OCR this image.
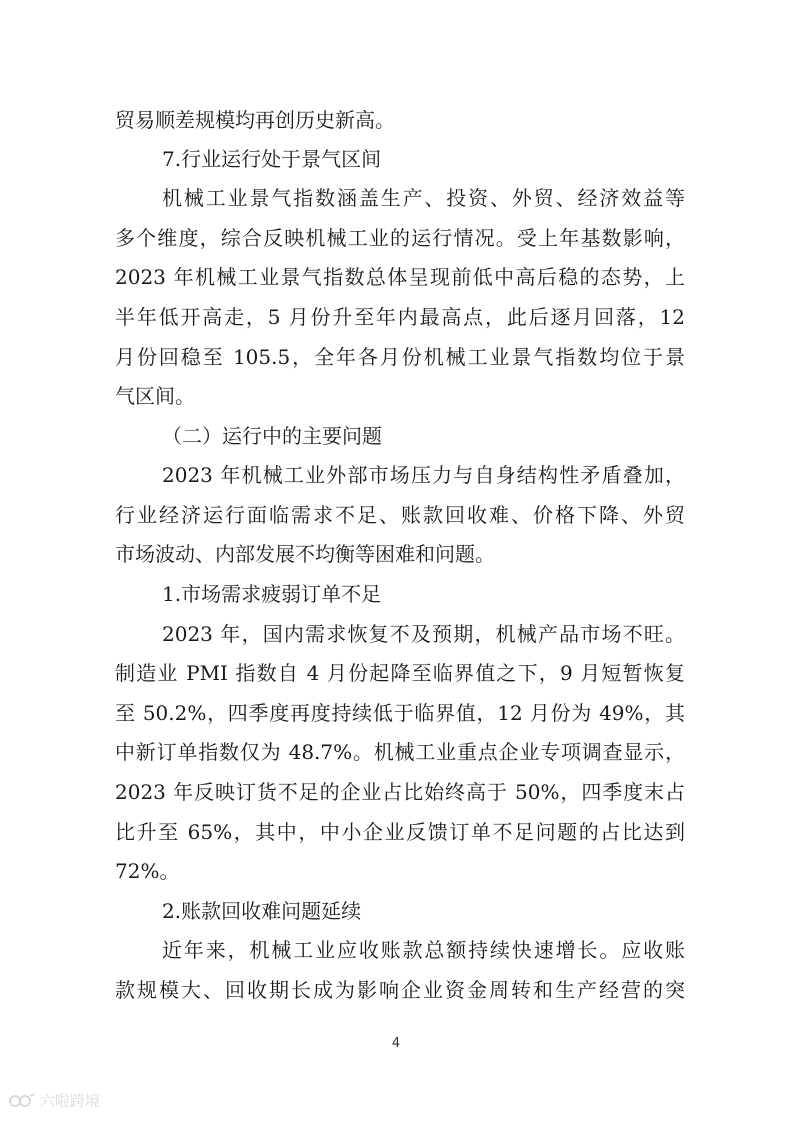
贸易顺差规模均再创历史新高。
7.行业运行处于景气区间
机械工业景气指数涵盖生产、投资、外贸、经济效益等
多个维度，综合反映机械工业的运行情况。受上年基数影响，
2023 年机械工业景气指数总体呈现前低中高后稳的态势，上
半年低开高走，5 月份升至年内最高点，此后逐月回落，12
月份回稳至 105.5，全年各月份机械工业景气指数均位于景
气区间。
（二）运行中的主要问题
2023 年机械工业外部市场压力与自身结构性矛盾叠加，
行业经济运行面临需求不足、账款回收难、价格下降、外贸
市场波动、内部发展不均衡等困难和问题。
1.市场需求疲弱订单不足
2023 年，国内需求恢复不及预期，机械产品市场不旺。
制造业 PMI 指数自 4 月份起降至临界值之下，9 月短暂恢复
至 50.2%，四季度再度持续低于临界值，12 月份为 49%，其
中新订单指数仅为 48.7%。机械工业重点企业专项调查显示，
2023 年反映订货不足的企业占比始终高于 50%，四季度末占
比升至 65%，其中，中小企业反馈订单不足问题的占比达到
72%。
2.账款回收难问题延续
近年来，机械工业应收账款总额持续快速增长。应收账
款规模大、回收期长成为影响企业资金周转和生产经营的突
4
六啦跨境
